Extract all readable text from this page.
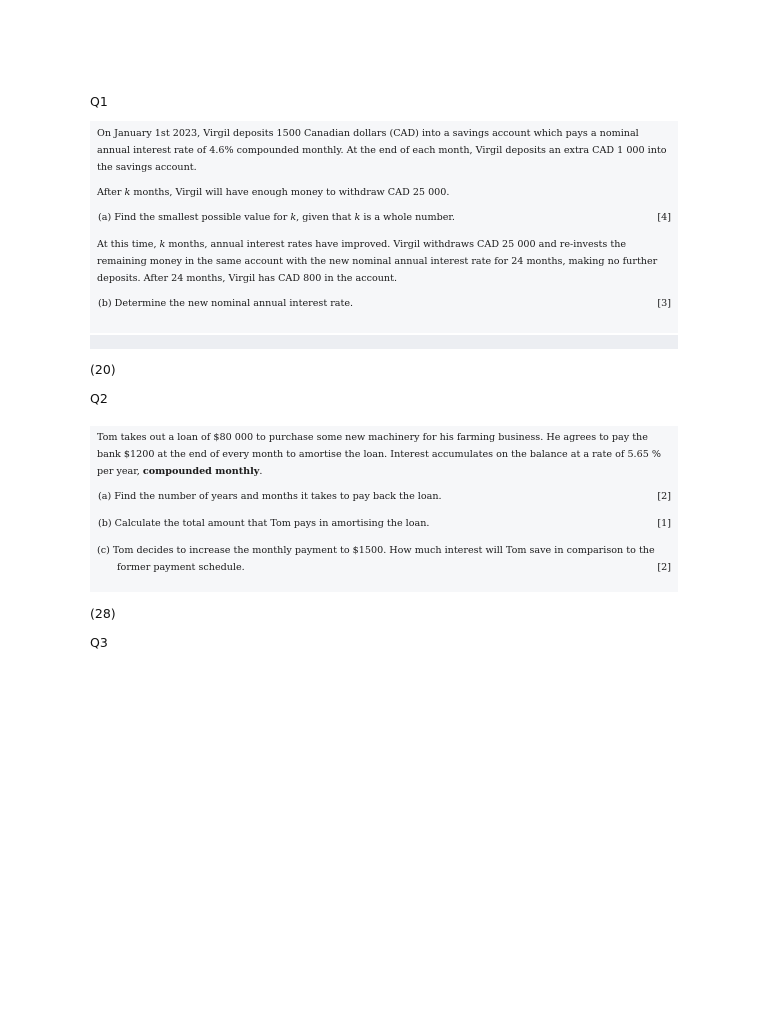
Q1

On January 1st 2023, Virgil deposits 1500 Canadian dollars (CAD) into a savings account which pays a nominal annual interest rate of 4.6% compounded monthly. At the end of each month, Virgil deposits an extra CAD 1 000 into the savings account.

After k months, Virgil will have enough money to withdraw CAD 25 000.

(a) Find the smallest possible value for k, given that k is a whole number.	[4]

At this time, k months, annual interest rates have improved. Virgil withdraws CAD 25 000 and re-invests the remaining money in the same account with the new nominal annual interest rate for 24 months, making no further deposits. After 24 months, Virgil has CAD 800 in the account.

(b) Determine the new nominal annual interest rate.	[3]
(20)
Q2

Tom takes out a loan of $80 000 to purchase some new machinery for his farming business. He agrees to pay the bank $1200 at the end of every month to amortise the loan. Interest accumulates on the balance at a rate of 5.65 % per year, compounded monthly.

(a) Find the number of years and months it takes to pay back the loan.	[2]
(b) Calculate the total amount that Tom pays in amortising the loan.	[1]
(c) Tom decides to increase the monthly payment to $1500. How much interest will Tom save in comparison to the
former payment schedule.	[2]
(28)
Q3
